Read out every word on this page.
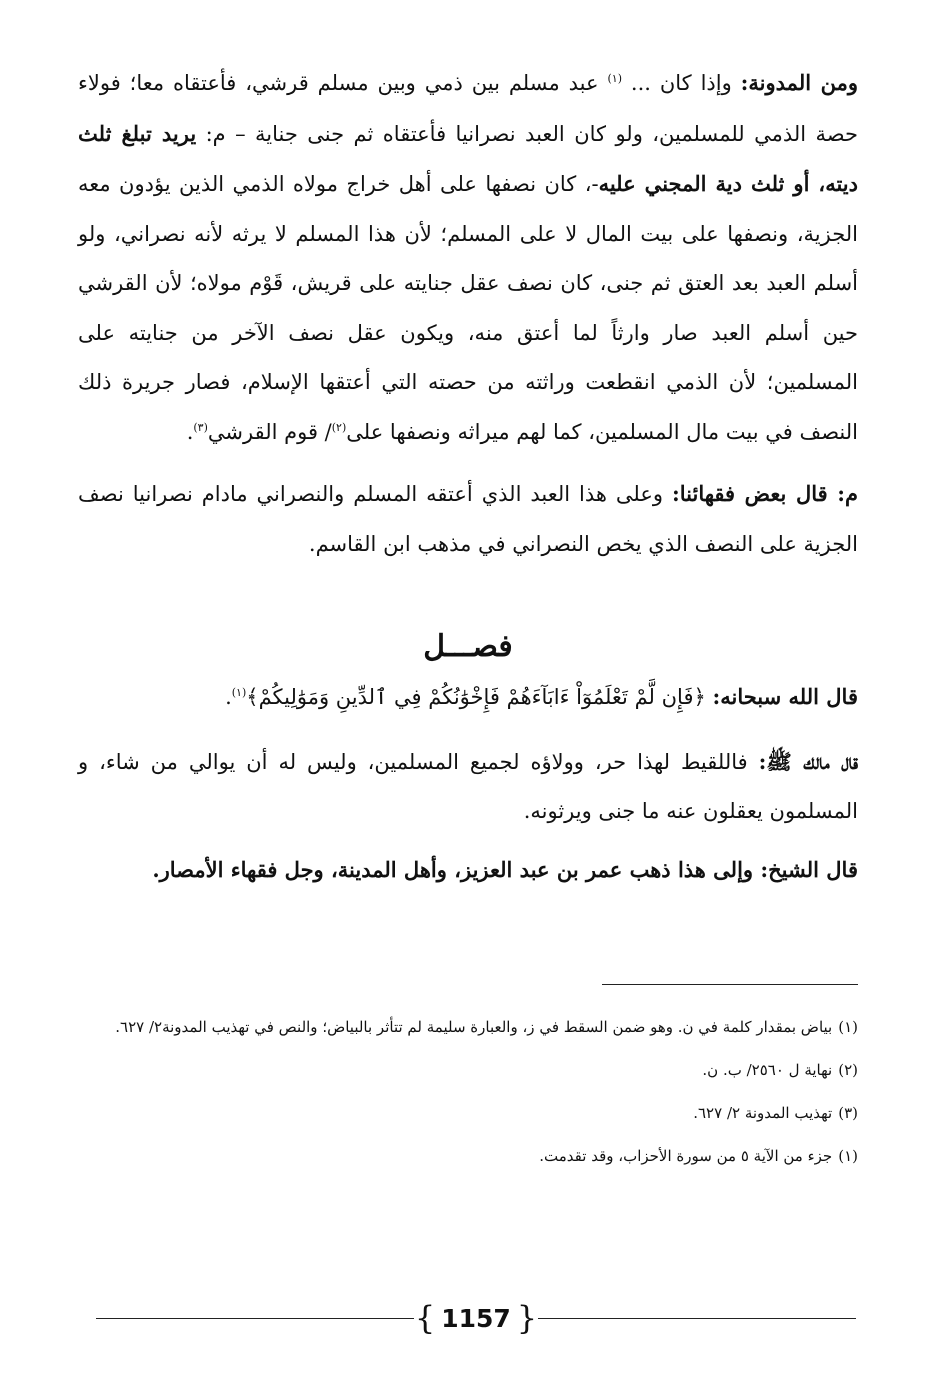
ومن المدونة: وإذا كان ... $^{(١)}$ عبد مسلم بين ذمي وبين مسلم قرشي، فأعتقاه معا؛ فولاء حصة الذمي للمسلمين، ولو كان العبد نصرانيا فأعتقاه ثم جنى جناية – م: يريد تبلغ ثلث ديته، أو ثلث دية المجني عليه-، كان نصفها على أهل خراج مولاه الذمي الذين يؤدون معه الجزية، ونصفها على بيت المال لا على المسلم؛ لأن هذا المسلم لا يرثه لأنه نصراني، ولو أسلم العبد بعد العتق ثم جنى، كان نصف عقل جنايته على قريش، قَوْم مولاه؛ لأن القرشي حين أسلم العبد صار وارثاً لما أعتق منه، ويكون عقل نصف الآخر من جنايته على المسلمين؛ لأن الذمي انقطعت وراثته من حصته التي أعتقها الإسلام، فصار جريرة ذلك النصف في بيت مال المسلمين، كما لهم ميراثه ونصفها على$^{(٢)}$/ قوم القرشي$^{(٣)}$.

م: قال بعض فقهائنا: وعلى هذا العبد الذي أعتقه المسلم والنصراني مادام نصرانيا نصف الجزية على النصف الذي يخص النصراني في مذهب ابن القاسم.

فصـــل

قال الله سبحانه: ﴿فَإِن لَّمْ تَعْلَمُوٓاْ ءَابَآءَهُمْ فَإِخْوَٰنُكُمْ فِي ٱلدِّينِ وَمَوَٰلِيكُمْ﴾$^{(١)}$.

قال مالك ﷺ: فاللقيط لهذا حر، وولاؤه لجميع المسلمين، وليس له أن يوالي من شاء، و المسلمون يعقلون عنه ما جنى ويرثونه.

قال الشيخ: وإلى هذا ذهب عمر بن عبد العزيز، وأهل المدينة، وجل فقهاء الأمصار.

(١)بياض بمقدار كلمة في ن. وهو ضمن السقط في ز، والعبارة سليمة لم تتأثر بالبياض؛ والنص في تهذيب المدونة٢/ ٦٢٧.

(٢)نهاية ل ٢٥٦٠/ ب. ن.

(٣)تهذيب المدونة ٢/ ٦٢٧.

(١)جزء من الآية ٥ من سورة الأحزاب، وقد تقدمت.

{ 1157 }
